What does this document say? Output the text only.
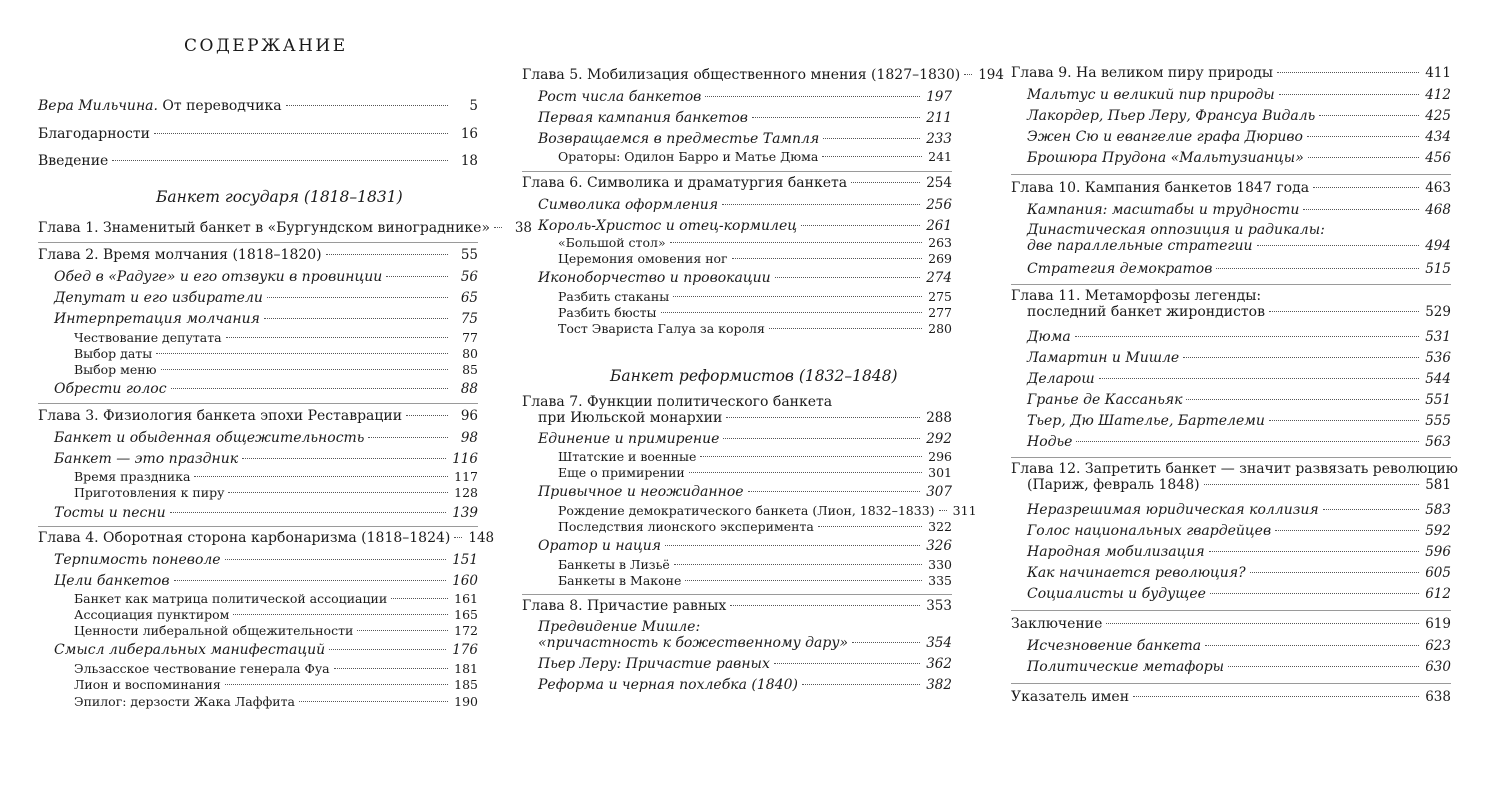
СОДЕРЖАНИЕ
Вера Мильчина. От переводчика	5
Благодарности	16
Введение	18
Банкет государя (1818–1831)
Глава 1. Знаменитый банкет в «Бургундском винограднике»	38
Глава 2. Время молчания (1818–1820)	55
Обед в «Радуге» и его отзвуки в провинции	56
Депутат и его избиратели	65
Интерпретация молчания	75
Чествование депутата	77
Выбор даты	80
Выбор меню	85
Обрести голос	88
Глава 3. Физиология банкета эпохи Реставрации	96
Банкет и обыденная общежительность	98
Банкет — это праздник	116
Время праздника	117
Приготовления к пиру	128
Тосты и песни	139
Глава 4. Оборотная сторона карбонаризма (1818–1824) 148
Терпимость поневоле	151
Цели банкетов	160
Банкет как матрица политической ассоциации	161
Ассоциация пунктиром	165
Ценности либеральной общежительности	172
Смысл либеральных манифестаций	176
Эльзасское чествование генерала Фуа	181
Лион и воспоминания	185
Эпилог: дерзости Жака Лаффита	190
Глава 5. Мобилизация общественного мнения (1827–1830) 194
Рост числа банкетов	197
Первая кампания банкетов	211
Возвращаемся в предместье Тампля	233
Ораторы: Одилон Барро и Матье Дюма	241
Глава 6. Символика и драматургия банкета	254
Символика оформления	256
Король-Христос и отец-кормилец	261
«Большой стол»	263
Церемония омовения ног	269
Иконоборчество и провокации	274
Разбить стаканы	275
Разбить бюсты	277
Тост Эвариста Галуа за короля	280
Банкет реформистов (1832–1848)
Глава 7. Функции политического банкета
при Июльской монархии	288
Единение и примирение	292
Штатские и военные	296
Еще о примирении	301
Привычное и неожиданное	307
Рождение демократического банкета (Лион, 1832–1833) 311
Последствия лионского эксперимента	322
Оратор и нация	326
Банкеты в Лизьё	330
Банкеты в Маконе	335
Глава 8. Причастие равных	353
Предвидение Мишле:
«причастность к божественному дару»	354
Пьер Леру: Причастие равных	362
Реформа и черная похлебка (1840)	382
Глава 9. На великом пиру природы	411
Мальтус и великий пир природы	412
Лакордер, Пьер Леру, Франсуа Видаль	425
Эжен Сю и евангелие графа Дюриво	434
Брошюра Прудона «Мальтузианцы»	456
Глава 10. Кампания банкетов 1847 года	463
Кампания: масштабы и трудности	468
Династическая оппозиция и радикалы:
две параллельные стратегии	494
Стратегия демократов	515
Глава 11. Метаморфозы легенды:
последний банкет жирондистов	529
Дюма	531
Ламартин и Мишле	536
Деларош	544
Гранье де Кассаньяк	551
Тьер, Дю Шателье, Бартелеми	555
Нодье	563
Глава 12. Запретить банкет — значит развязать революцию
(Париж, февраль 1848)	581
Неразрешимая юридическая коллизия	583
Голос национальных гвардейцев	592
Народная мобилизация	596
Как начинается революция?	605
Социалисты и будущее	612
Заключение	619
Исчезновение банкета	623
Политические метафоры	630
Указатель имен	638
